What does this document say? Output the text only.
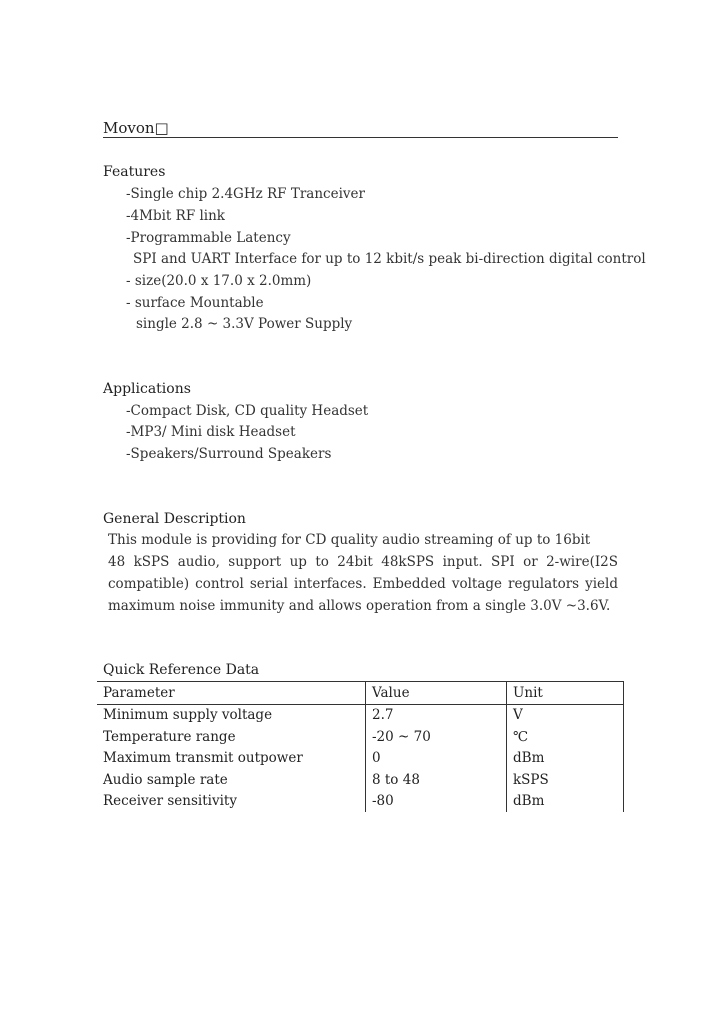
Movon□
Features
-Single chip 2.4GHz RF Tranceiver
-4Mbit RF link
-Programmable Latency
SPI and UART Interface for up to 12 kbit/s peak bi-direction digital control
- size(20.0 x 17.0 x 2.0mm)
- surface Mountable
single 2.8 ~ 3.3V Power Supply
Applications
-Compact Disk, CD quality Headset
-MP3/ Mini disk Headset
-Speakers/Surround Speakers
General Description
This module is providing for CD quality audio streaming of up to 16bit
48 kSPS audio, support up to 24bit 48kSPS input. SPI or 2-wire(I2S
compatible) control serial interfaces. Embedded voltage regulators yield
maximum noise immunity and allows operation from a single 3.0V ~3.6V.
Quick Reference Data
Parameter	Value	Unit
Minimum supply voltage	2.7	V
Temperature range	-20 ~ 70	℃
Maximum transmit outpower	0	dBm
Audio sample rate	8 to 48	kSPS
Receiver sensitivity	-80	dBm
